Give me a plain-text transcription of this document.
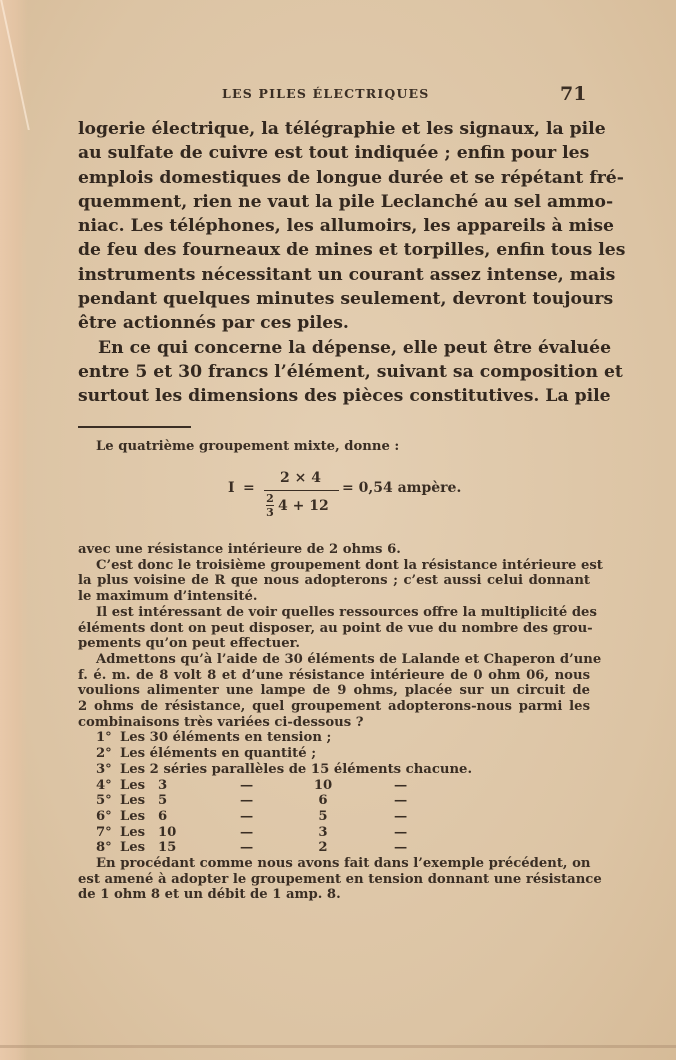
LES PILES ÉLECTRIQUES	71
logerie électrique, la télégraphie et les signaux, la pile
au sulfate de cuivre est tout indiquée ; enfin pour les
emplois domestiques de longue durée et se répétant fré-
quemment, rien ne vaut la pile Leclanché au sel ammo-
niac. Les téléphones, les allumoirs, les appareils à mise
de feu des fourneaux de mines et torpilles, enfin tous les
instruments nécessitant un courant assez intense, mais
pendant quelques minutes seulement, devront toujours
être actionnés par ces piles.
En ce qui concerne la dépense, elle peut être évaluée
entre 5 et 30 francs l’élément, suivant sa composition et
surtout les dimensions des pièces constitutives. La pile
Le quatrième groupement mixte, donne :
I =
2 × 4
2
3 4 + 12
= 0,54 ampère.
avec une résistance intérieure de 2 ohms 6.
C’est donc le troisième groupement dont la résistance intérieure est
la plus voisine de R que nous adopterons ; c’est aussi celui donnant
le maximum d’intensité.
Il est intéressant de voir quelles ressources offre la multiplicité des
éléments dont on peut disposer, au point de vue du nombre des grou-
pements qu’on peut effectuer.
Admettons qu’à l’aide de 30 éléments de Lalande et Chaperon d’une
f. é. m. de 8 volt 8 et d’une résistance intérieure de 0 ohm 06, nous
voulions alimenter une lampe de 9 ohms, placée sur un circuit de
2 ohms de résistance, quel groupement adopterons-nous parmi les
combinaisons très variées ci-dessous ?
1° Les 30 éléments en tension ;
2° Les éléments en quantité ;
3° Les 2 séries parallèles de 15 éléments chacune.
4° Les 3	—	10	—
5° Les 5	—	6	—
6° Les 6	—	5	—
7° Les 10	—	3	—
8° Les 15	—	2	—
En procédant comme nous avons fait dans l’exemple précédent, on
est amené à adopter le groupement en tension donnant une résistance
de 1 ohm 8 et un débit de 1 amp. 8.
